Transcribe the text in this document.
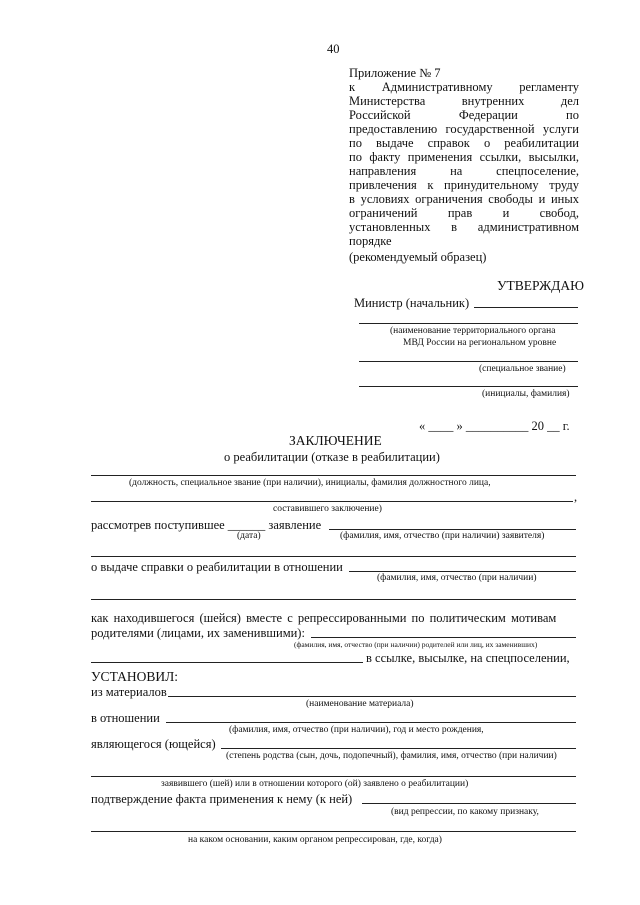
40
Приложение № 7
к Административному регламенту
Министерства внутренних дел
Российской Федерации по
предоставлению государственной услуги
по выдаче справок о реабилитации
по факту применения ссылки, высылки,
направления на спецпоселение,
привлечения к принудительному труду
в условиях ограничения свободы и иных
ограничений прав и свобод,
установленных в административном
порядке
(рекомендуемый образец)
УТВЕРЖДАЮ
Министр (начальник)
(наименование территориального органа
МВД России на региональном уровне
(специальное звание)
(инициалы, фамилия)
« ____ » __________ 20 __ г.
ЗАКЛЮЧЕНИЕ
о реабилитации (отказе в реабилитации)
(должность, специальное звание (при наличии), инициалы, фамилия должностного лица,
,
составившего заключение)
рассмотрев поступившее ______ заявление
(дата)	(фамилия, имя, отчество (при наличии) заявителя)
о выдаче справки о реабилитации в отношении
(фамилия, имя, отчество (при наличии)
как находившегося (шейся) вместе с репрессированными по политическим мотивам
родителями (лицами, их заменившими):
(фамилия, имя, отчество (при наличии) родителей или лиц, их заменивших)
в ссылке, высылке, на спецпоселении,
УСТАНОВИЛ:
из материалов
(наименование материала)
в отношении
(фамилия, имя, отчество (при наличии), год и место рождения,
являющегося (ющейся)
(степень родства (сын, дочь, подопечный), фамилия, имя, отчество (при наличии)
заявившего (шей) или в отношении которого (ой) заявлено о реабилитации)
подтверждение факта применения к нему (к ней)
(вид репрессии, по какому признаку,
на каком основании, каким органом репрессирован, где, когда)
